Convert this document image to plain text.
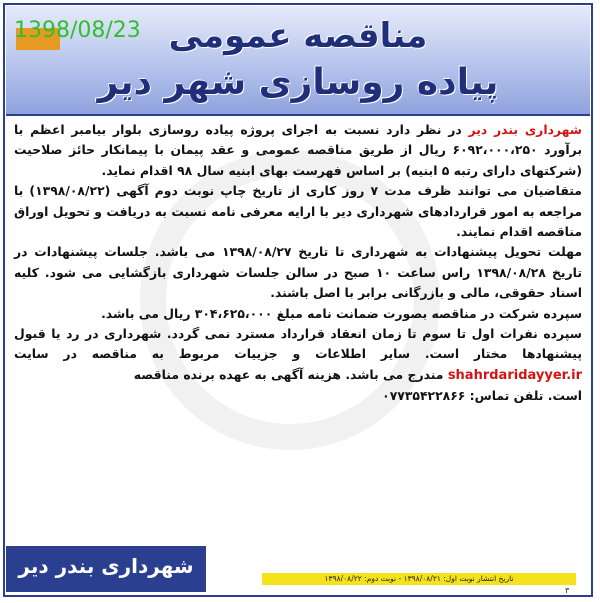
1398/08/23 مناقصه عمومی
پیاده روسازی شهر دیر

شهرداری بندر دیر در نظر دارد نسبت به اجرای پروژه پیاده روسازی بلوار بیامبر اعظم با برآورد ۶۰۹۲،۰۰۰،۲۵۰ ریال از طریق مناقصه عمومی و عقد پیمان با پیمانکار حائز صلاحیت (شرکتهای دارای رتبه ۵ ابنیه) بر اساس فهرست بهای ابنیه سال ۹۸ اقدام نماید.

متقاضیان می توانند ظرف مدت ۷ روز کاری از تاریخ چاپ نوبت دوم آگهی (۱۳۹۸/۰۸/۲۲) با مراجعه به امور قراردادهای شهرداری دیر با ارایه معرفی نامه نسبت به دریافت و تحویل اوراق مناقصه اقدام نمایند.

مهلت تحویل پیشنهادات به شهرداری تا تاریخ ۱۳۹۸/۰۸/۲۷ می باشد. جلسات پیشنهادات در تاریخ ۱۳۹۸/۰۸/۲۸ راس ساعت ۱۰ صبح در سالن جلسات شهرداری بازگشایی می شود. کلیه اسناد حقوقی، مالی و بازرگانی برابر با اصل باشند.

سپرده شرکت در مناقصه بصورت ضمانت نامه مبلغ ۳۰۴،۶۲۵،۰۰۰ ریال می باشد.

سپرده نفرات اول تا سوم تا زمان انعقاد قرارداد مسترد نمی گردد. شهرداری در رد یا قبول پیشنهادها مختار است. سایر اطلاعات و جزییات مربوط به مناقصه در سایت shahrdaridayyer.ir مندرج می باشد. هزینه آگهی به عهده برنده مناقصه

است. تلفن تماس: ۰۷۷۳۵۴۲۲۸۶۶

شهرداری بندر دیر
تاریخ انتشار نوبت اول: ۱۳۹۸/۰۸/۲۱ - نوبت دوم: ۱۳۹۸/۰۸/۲۲
۳
